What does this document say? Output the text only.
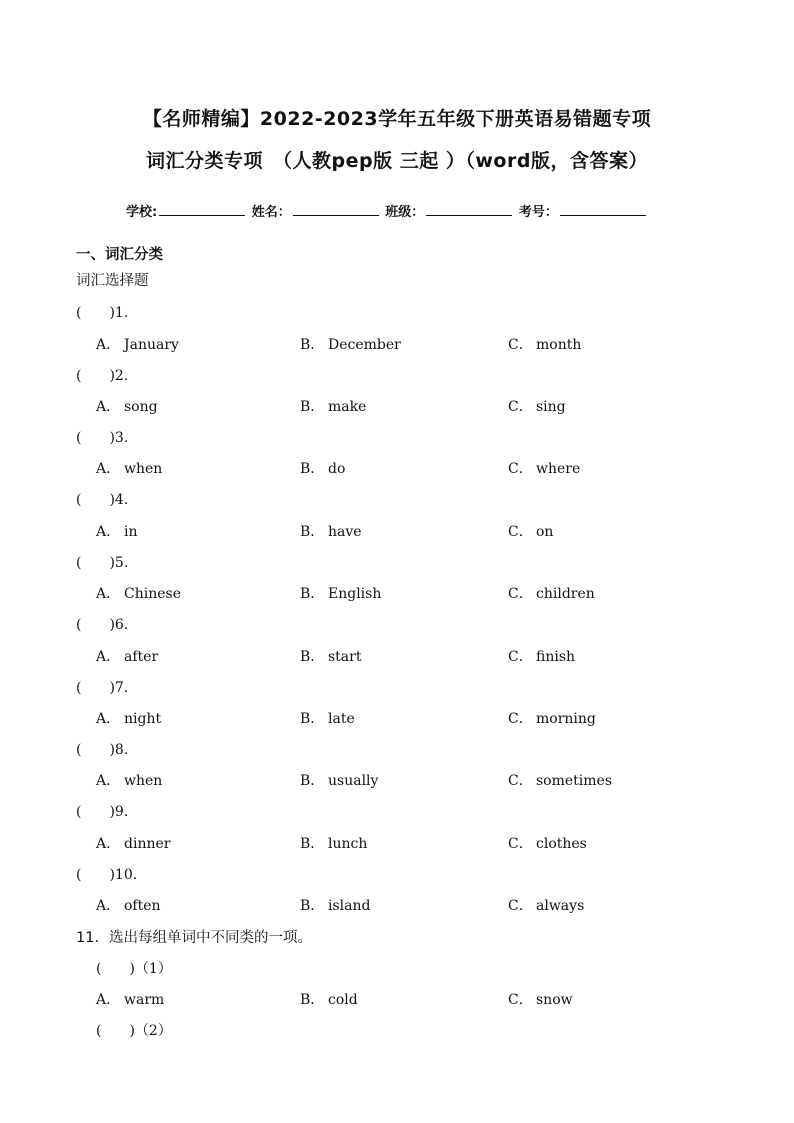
【名师精编】2022-2023学年五年级下册英语易错题专项
词汇分类专项　（人教pep版 三起 ）（word版，含答案）
学校:	姓名：	班级：	考号：
一、词汇分类
词汇选择题
(　　)1.
A． January	B． December	C． month
(　　)2.
A． song	B． make	C． sing
(　　)3.
A． when	B． do	C． where
(　　)4.
A． in	B． have	C． on
(　　)5.
A． Chinese	B． English	C． children
(　　)6.
A． after	B． start	C． finish
(　　)7.
A． night	B． late	C． morning
(　　)8.
A． when	B． usually	C． sometimes
(　　)9.
A． dinner	B． lunch	C． clothes
(　　)10.
A． often	B． island	C． always
11．选出每组单词中不同类的一项。
(　　)（1）
A． warm	B． cold	C． snow
(　　)（2）
